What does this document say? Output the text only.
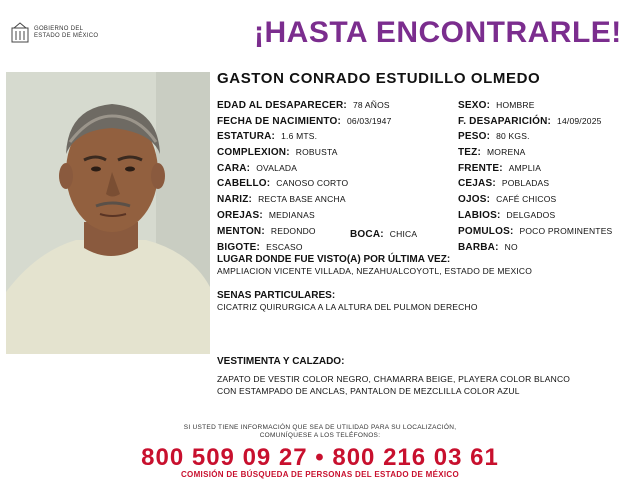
GOBIERNO DEL
ESTADO DE MÉXICO	¡HASTA ENCONTRARLE!
GASTON CONRADO ESTUDILLO OLMEDO
EDAD AL DESAPARECER: 78 AÑOS
FECHA DE NACIMIENTO: 06/03/1947
ESTATURA: 1.6 MTS.
COMPLEXION: ROBUSTA
CARA: OVALADA
CABELLO: CANOSO CORTO
NARIZ: RECTA BASE ANCHA
OREJAS: MEDIANAS
MENTON: REDONDO	BOCA: CHICA
BIGOTE: ESCASO
SEXO: HOMBRE
F. DESAPARICIÓN: 14/09/2025
PESO: 80 KGS.
TEZ: MORENA
FRENTE: AMPLIA
CEJAS: POBLADAS
OJOS: CAFÉ CHICOS
LABIOS: DELGADOS
POMULOS: POCO PROMINENTES
BARBA: NO
LUGAR DONDE FUE VISTO(A) POR ÚLTIMA VEZ:
AMPLIACION VICENTE VILLADA, NEZAHUALCOYOTL, ESTADO DE MEXICO
SENAS PARTICULARES:
CICATRIZ QUIRURGICA A LA ALTURA DEL PULMON DERECHO
VESTIMENTA Y CALZADO:
ZAPATO DE VESTIR COLOR NEGRO, CHAMARRA BEIGE, PLAYERA COLOR BLANCO
CON ESTAMPADO DE ANCLAS, PANTALON DE MEZCLILLA COLOR AZUL
SI USTED TIENE INFORMACIÓN QUE SEA DE UTILIDAD PARA SU LOCALIZACIÓN,
COMUNÍQUESE A LOS TELÉFONOS:
800 509 09 27 • 800 216 03 61
COMISIÓN DE BÚSQUEDA DE PERSONAS DEL ESTADO DE MÉXICO
